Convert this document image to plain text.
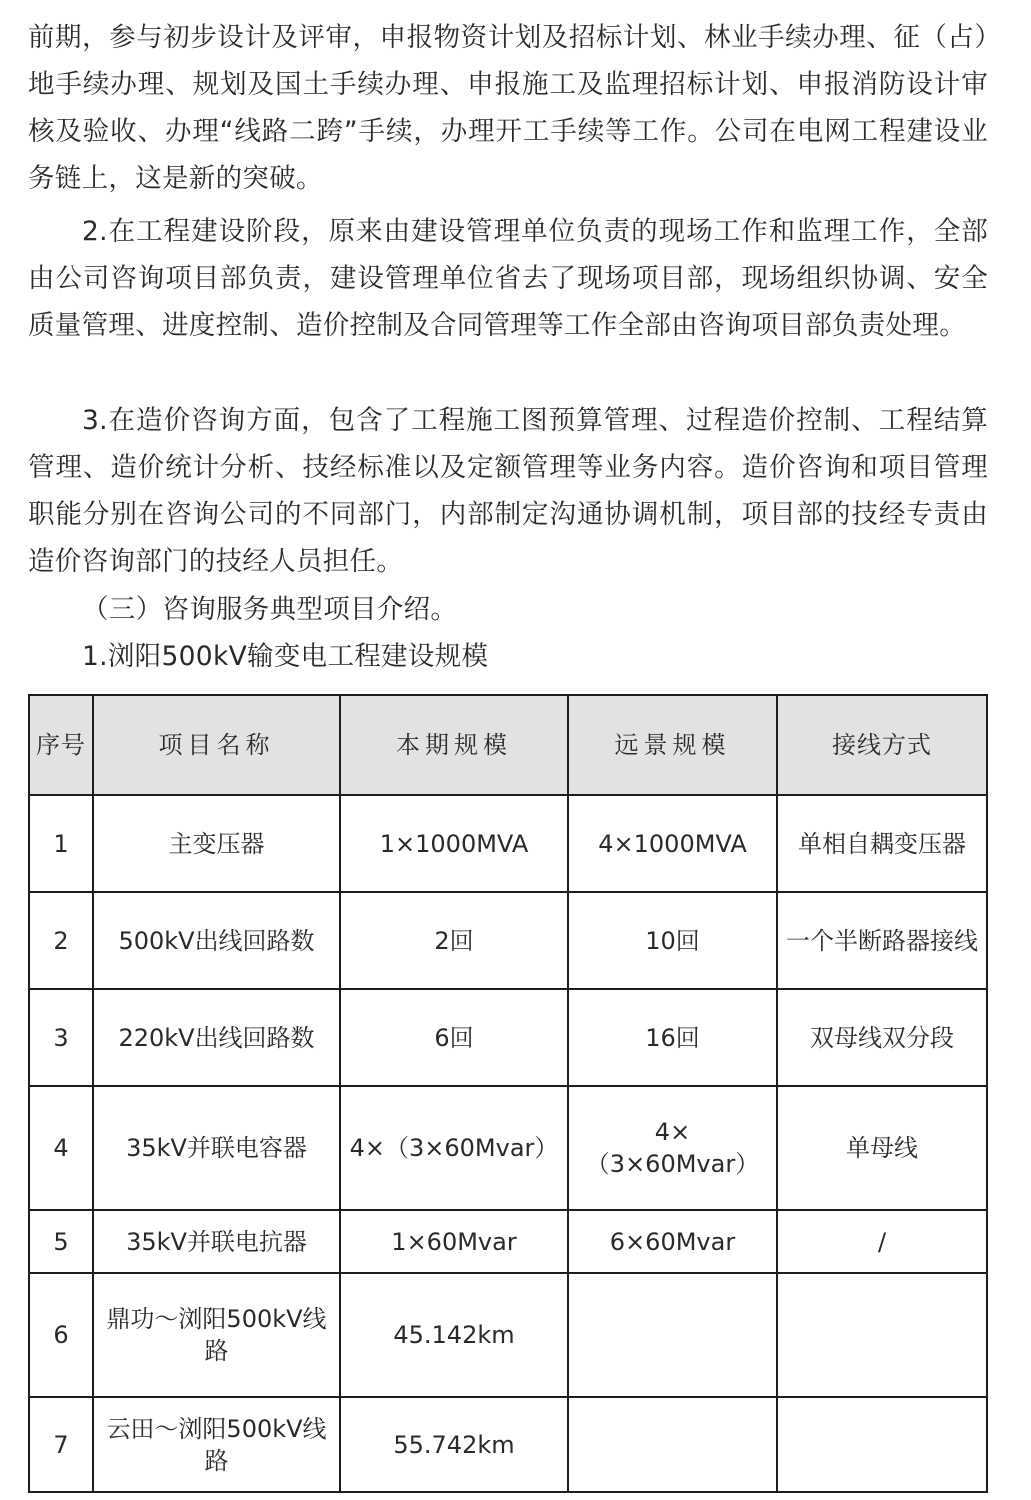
前期，参与初步设计及评审，申报物资计划及招标计划、林业手续办理、征（占）地手续办理、规划及国土手续办理、申报施工及监理招标计划、申报消防设计审核及验收、办理“线路二跨”手续，办理开工手续等工作。公司在电网工程建设业务链上，这是新的突破。

2.在工程建设阶段，原来由建设管理单位负责的现场工作和监理工作，全部由公司咨询项目部负责，建设管理单位省去了现场项目部，现场组织协调、安全质量管理、进度控制、造价控制及合同管理等工作全部由咨询项目部负责处理。

3.在造价咨询方面，包含了工程施工图预算管理、过程造价控制、工程结算管理、造价统计分析、技经标准以及定额管理等业务内容。造价咨询和项目管理职能分别在咨询公司的不同部门，内部制定沟通协调机制，项目部的技经专责由造价咨询部门的技经人员担任。

（三）咨询服务典型项目介绍。

1.浏阳500kV输变电工程建设规模

序号	项目名称	本期规模	远景规模	接线方式
1	主变压器	1×1000MVA	4×1000MVA	单相自耦变压器
2	500kV出线回路数	2回	10回	一个半断路器接线
3	220kV出线回路数	6回	16回	双母线双分段
4	35kV并联电容器	4×（3×60Mvar）	4×（3×60Mvar）	单母线
5	35kV并联电抗器	1×60Mvar	6×60Mvar	/
6	鼎功～浏阳500kV线路	45.142km		
7	云田～浏阳500kV线路	55.742km		
